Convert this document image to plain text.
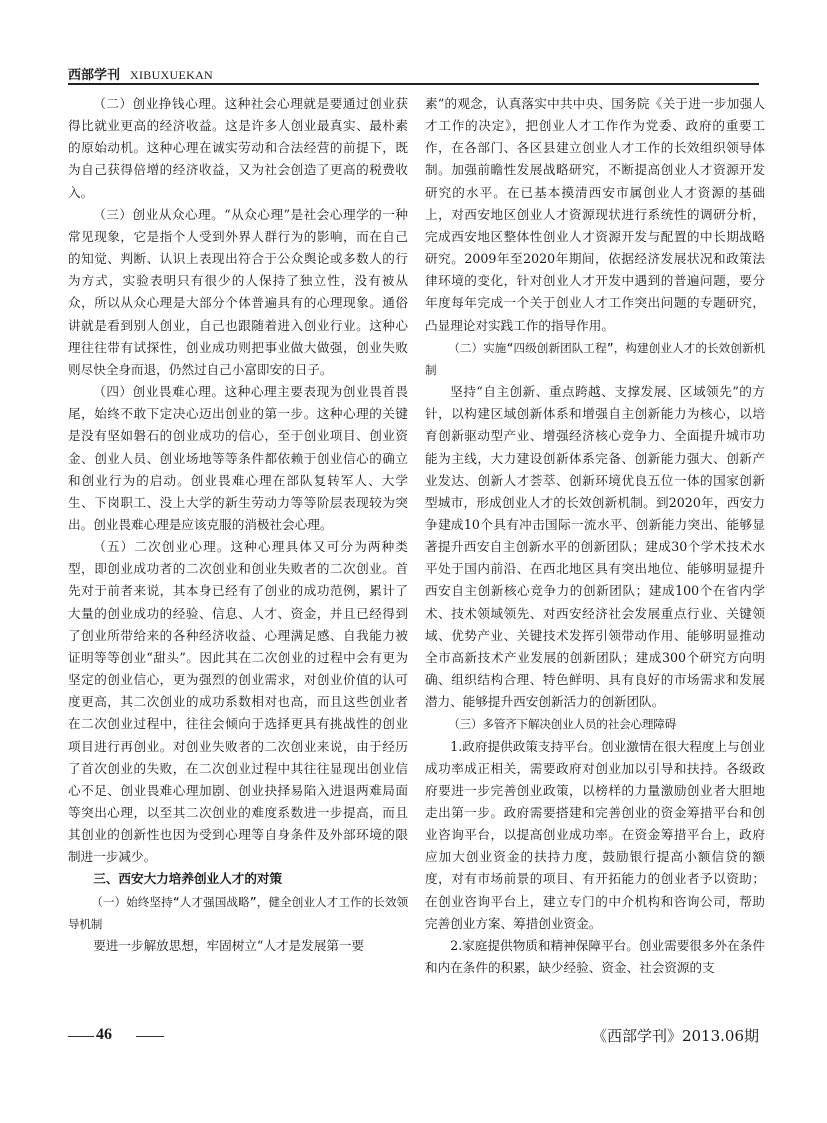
西部学刊 XIBUXUEKAN

（二）创业挣钱心理。这种社会心理就是要通过创业获得比就业更高的经济收益。这是许多人创业最真实、最朴素的原始动机。这种心理在诚实劳动和合法经营的前提下，既为自己获得倍增的经济收益，又为社会创造了更高的税费收入。

（三）创业从众心理。“从众心理”是社会心理学的一种常见现象，它是指个人受到外界人群行为的影响，而在自己的知觉、判断、认识上表现出符合于公众舆论或多数人的行为方式，实验表明只有很少的人保持了独立性，没有被从众，所以从众心理是大部分个体普遍具有的心理现象。通俗讲就是看到别人创业，自己也跟随着进入创业行业。这种心理往往带有试探性，创业成功则把事业做大做强，创业失败则尽快全身而退，仍然过自己小富即安的日子。

（四）创业畏难心理。这种心理主要表现为创业畏首畏尾，始终不敢下定决心迈出创业的第一步。这种心理的关键是没有坚如磐石的创业成功的信心，至于创业项目、创业资金、创业人员、创业场地等等条件都依赖于创业信心的确立和创业行为的启动。创业畏难心理在部队复转军人、大学生、下岗职工、没上大学的新生劳动力等等阶层表现较为突出。创业畏难心理是应该克服的消极社会心理。

（五）二次创业心理。这种心理具体又可分为两种类型，即创业成功者的二次创业和创业失败者的二次创业。首先对于前者来说，其本身已经有了创业的成功范例，累计了大量的创业成功的经验、信息、人才、资金，并且已经得到了创业所带给来的各种经济收益、心理满足感、自我能力被证明等等创业“甜头”。因此其在二次创业的过程中会有更为坚定的创业信心，更为强烈的创业需求，对创业价值的认可度更高，其二次创业的成功系数相对也高，而且这些创业者在二次创业过程中，往往会倾向于选择更具有挑战性的创业项目进行再创业。对创业失败者的二次创业来说，由于经历了首次创业的失败，在二次创业过程中其往往显现出创业信心不足、创业畏难心理加剧、创业抉择易陷入进退两难局面等突出心理，以至其二次创业的难度系数进一步提高，而且其创业的创新性也因为受到心理等自身条件及外部环境的限制进一步减少。

三、西安大力培养创业人才的对策

（一）始终坚持“人才强国战略”，健全创业人才工作的长效领导机制

要进一步解放思想，牢固树立“人才是发展第一要

素”的观念，认真落实中共中央、国务院《关于进一步加强人才工作的决定》，把创业人才工作作为党委、政府的重要工作，在各部门、各区县建立创业人才工作的长效组织领导体制。加强前瞻性发展战略研究，不断提高创业人才资源开发研究的水平。在已基本摸清西安市属创业人才资源的基础上，对西安地区创业人才资源现状进行系统性的调研分析，完成西安地区整体性创业人才资源开发与配置的中长期战略研究。2009年至2020年期间，依据经济发展状况和政策法律环境的变化，针对创业人才开发中遇到的普遍问题，要分年度每年完成一个关于创业人才工作突出问题的专题研究，凸显理论对实践工作的指导作用。

（二）实施“四级创新团队工程”，构建创业人才的长效创新机制

坚持“自主创新、重点跨越、支撑发展、区域领先”的方针，以构建区域创新体系和增强自主创新能力为核心，以培育创新驱动型产业、增强经济核心竞争力、全面提升城市功能为主线，大力建设创新体系完备、创新能力强大、创新产业发达、创新人才荟萃、创新环境优良五位一体的国家创新型城市，形成创业人才的长效创新机制。到2020年，西安力争建成10个具有冲击国际一流水平、创新能力突出、能够显著提升西安自主创新水平的创新团队；建成30个学术技术水平处于国内前沿、在西北地区具有突出地位、能够明显提升西安自主创新核心竞争力的创新团队；建成100个在省内学术、技术领域领先、对西安经济社会发展重点行业、关键领域、优势产业、关键技术发挥引领带动作用、能够明显推动全市高新技术产业发展的创新团队；建成300个研究方向明确、组织结构合理、特色鲜明、具有良好的市场需求和发展潜力、能够提升西安创新活力的创新团队。

（三）多管齐下解决创业人员的社会心理障碍

1.政府提供政策支持平台。创业激情在很大程度上与创业成功率成正相关，需要政府对创业加以引导和扶持。各级政府要进一步完善创业政策，以榜样的力量激励创业者大胆地走出第一步。政府需要搭建和完善创业的资金筹措平台和创业咨询平台，以提高创业成功率。在资金筹措平台上，政府应加大创业资金的扶持力度，鼓励银行提高小额信贷的额度，对有市场前景的项目、有开拓能力的创业者予以资助；在创业咨询平台上，建立专门的中介机构和咨询公司，帮助完善创业方案、筹措创业资金。

2.家庭提供物质和精神保障平台。创业需要很多外在条件和内在条件的积累，缺少经验、资金、社会资源的支

46	《西部学刊》2013.06期
